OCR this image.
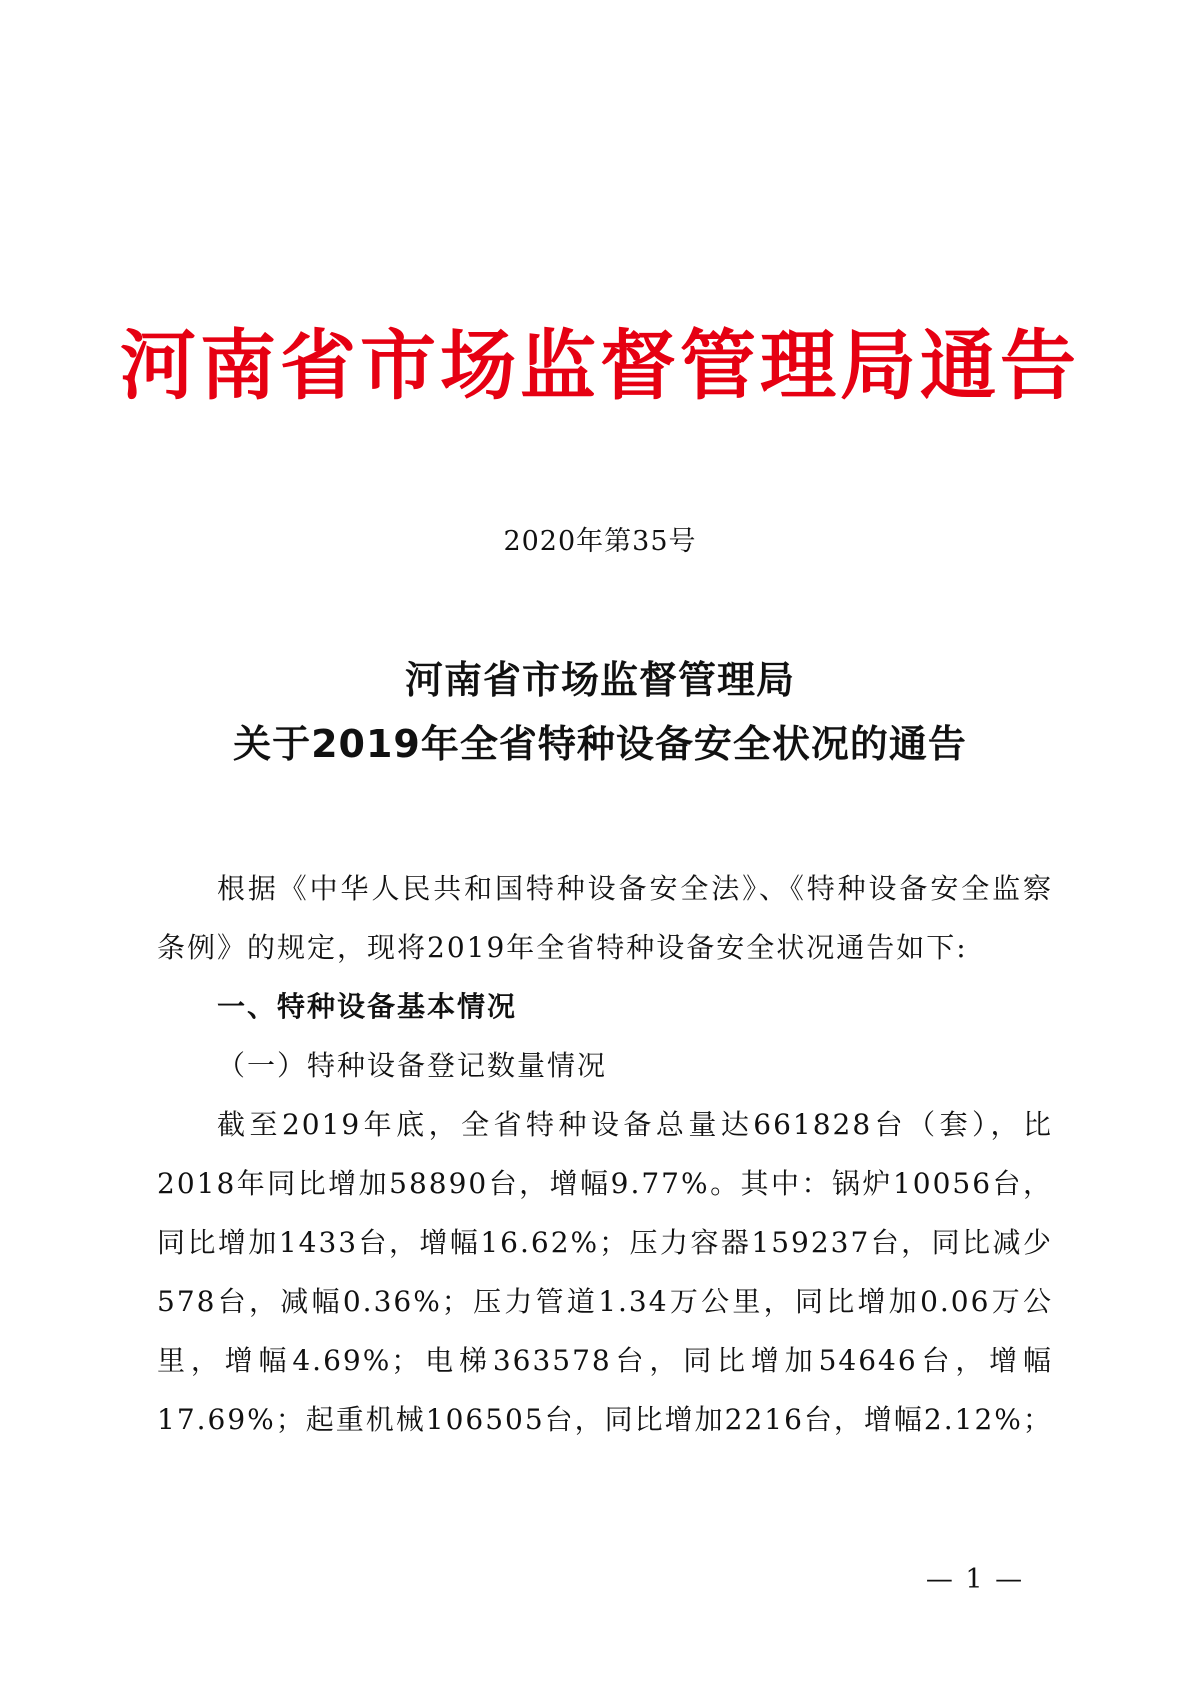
河南省市场监督管理局通告
2020年第35号
河南省市场监督管理局
关于2019年全省特种设备安全状况的通告

根据《中华人民共和国特种设备安全法》、《特种设备安全监察条例》的规定，现将2019年全省特种设备安全状况通告如下:

一、特种设备基本情况

（一）特种设备登记数量情况

截至2019年底，全省特种设备总量达661828台（套），比2018年同比增加58890台，增幅9.77%。其中：锅炉10056台，同比增加1433台，增幅16.62%；压力容器159237台，同比减少578台，减幅0.36%；压力管道1.34万公里，同比增加0.06万公里，增幅4.69%；电梯363578台，同比增加54646台，增幅17.69%；起重机械106505台，同比增加2216台，增幅2.12%；

— 1 —
